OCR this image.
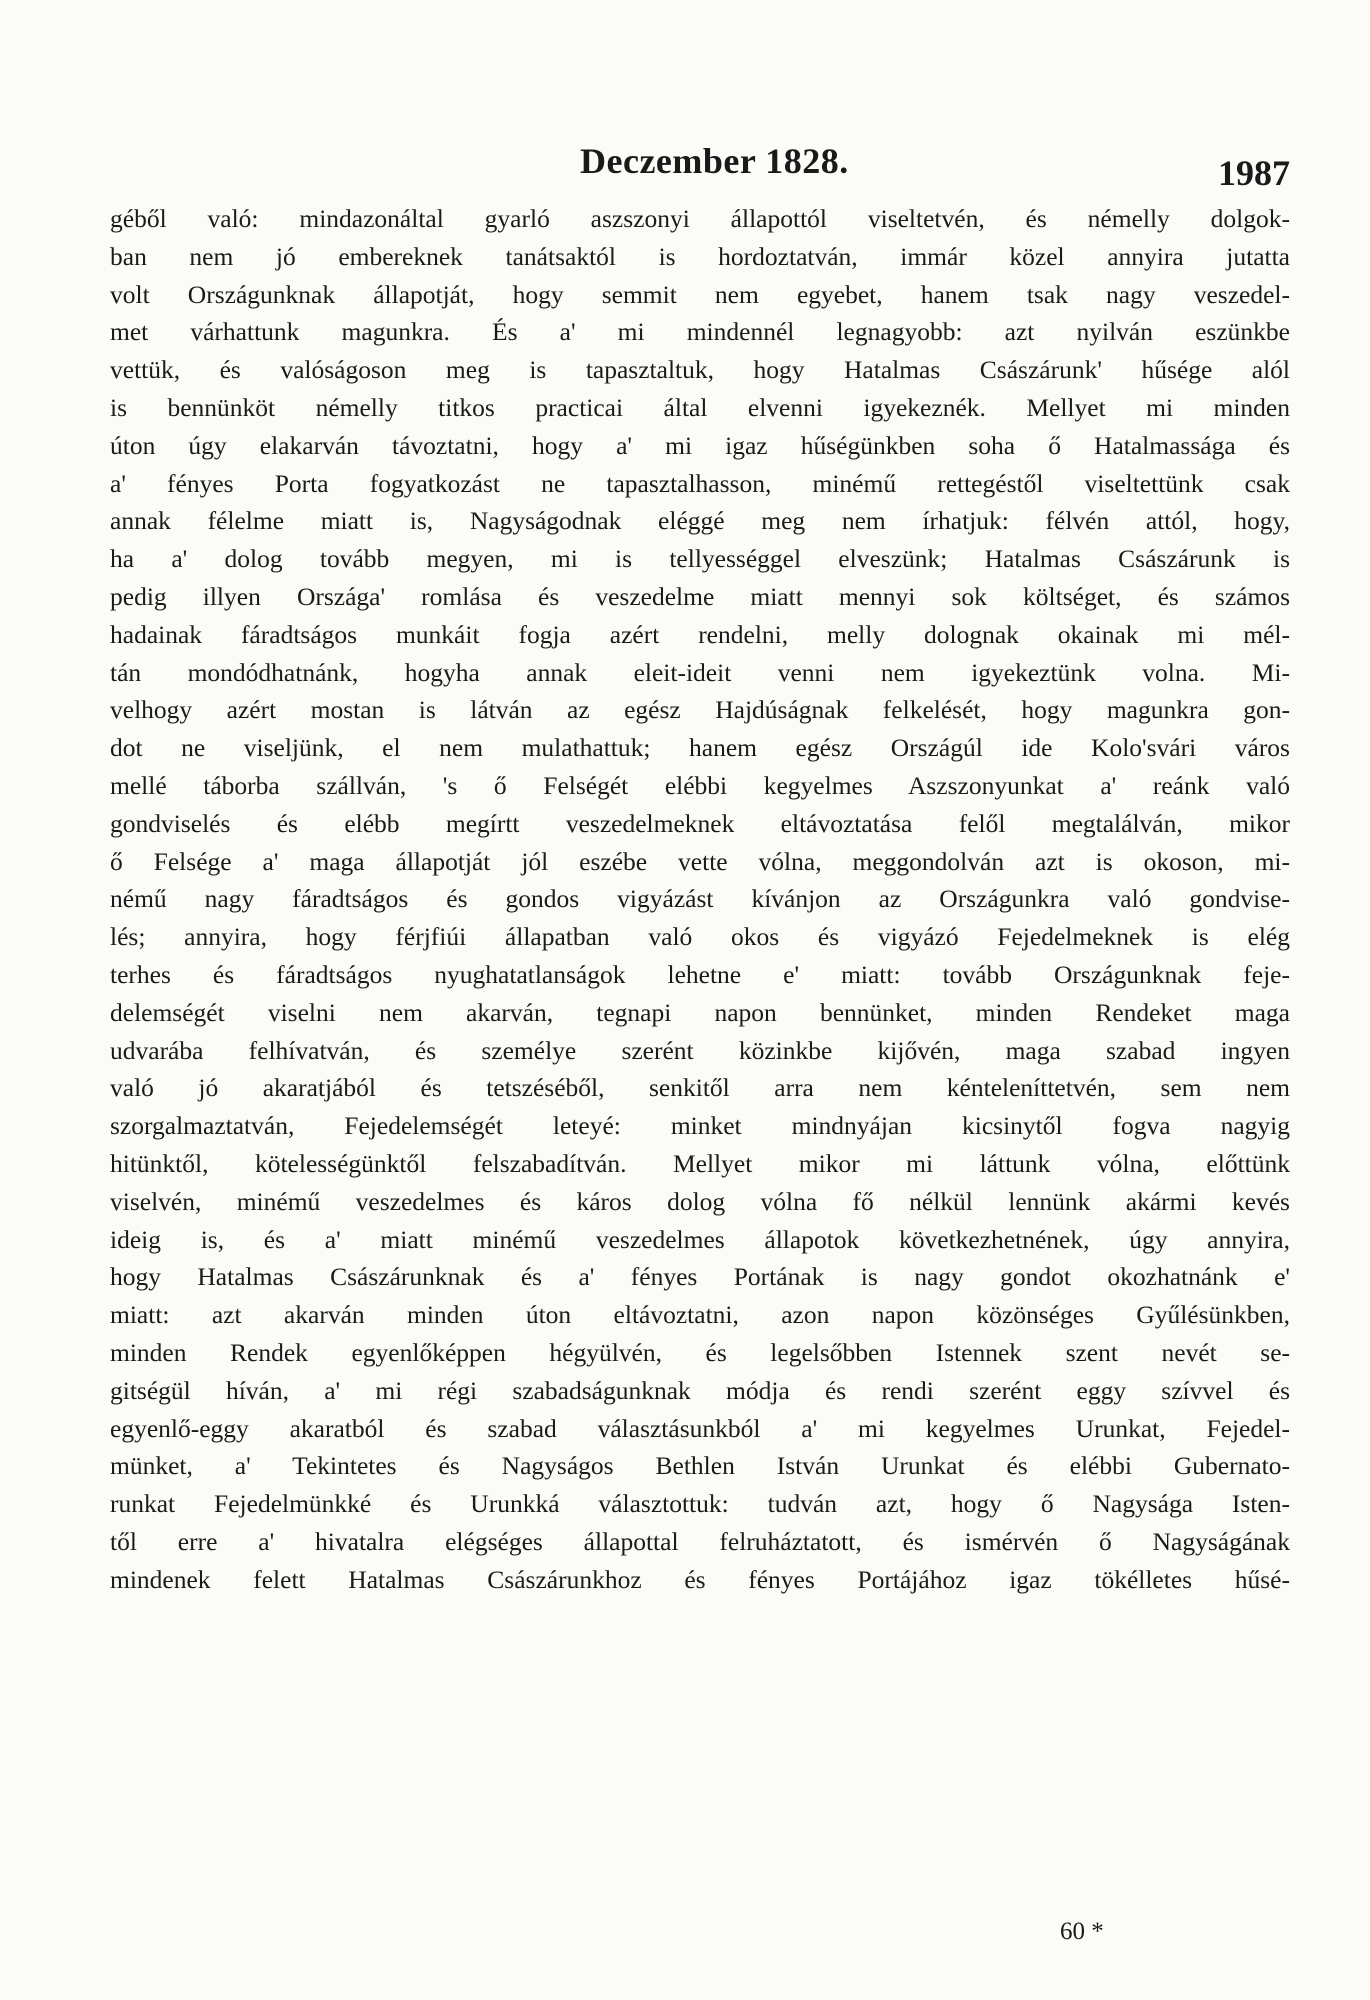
Deczember 1828.	1987
géből való: mindazonáltal gyarló aszszonyi állapottól viseltetvén, és némelly dolgok-
ban nem jó embereknek tanátsaktól is hordoztatván, immár közel annyira jutatta
volt Országunknak állapotját, hogy semmit nem egyebet, hanem tsak nagy veszedel-
met várhattunk magunkra. És a' mi mindennél legnagyobb: azt nyilván eszünkbe
vettük, és valóságoson meg is tapasztaltuk, hogy Hatalmas Császárunk' hűsége alól
is bennünköt némelly titkos practicai által elvenni igyekeznék. Mellyet mi minden
úton úgy elakarván távoztatni, hogy a' mi igaz hűségünkben soha ő Hatalmassága és
a' fényes Porta fogyatkozást ne tapasztalhasson, minémű rettegéstől viseltettünk csak
annak félelme miatt is, Nagyságodnak eléggé meg nem írhatjuk: félvén attól, hogy,
ha a' dolog tovább megyen, mi is tellyességgel elveszünk; Hatalmas Császárunk is
pedig illyen Országa' romlása és veszedelme miatt mennyi sok költséget, és számos
hadainak fáradtságos munkáit fogja azért rendelni, melly dolognak okainak mi mél-
tán mondódhatnánk, hogyha annak eleit-ideit venni nem igyekeztünk volna. Mi-
velhogy azért mostan is látván az egész Hajdúságnak felkelését, hogy magunkra gon-
dot ne viseljünk, el nem mulathattuk; hanem egész Országúl ide Kolo'svári város
mellé táborba szállván, 's ő Felségét elébbi kegyelmes Aszszonyunkat a' reánk való
gondviselés és elébb megírtt veszedelmeknek eltávoztatása felől megtalálván, mikor
ő Felsége a' maga állapotját jól eszébe vette vólna, meggondolván azt is okoson, mi-
némű nagy fáradtságos és gondos vigyázást kívánjon az Országunkra való gondvise-
lés; annyira, hogy férjfiúi állapatban való okos és vigyázó Fejedelmeknek is elég
terhes és fáradtságos nyughatatlanságok lehetne e' miatt: tovább Országunknak feje-
delemségét viselni nem akarván, tegnapi napon bennünket, minden Rendeket maga
udvarába felhívatván, és személye szerént közinkbe kijővén, maga szabad ingyen
való jó akaratjából és tetszéséből, senkitől arra nem kénteleníttetvén, sem nem
szorgalmaztatván, Fejedelemségét leteyé: minket mindnyájan kicsinytől fogva nagyig
hitünktől, kötelességünktől felszabadítván. Mellyet mikor mi láttunk vólna, előttünk
viselvén, minémű veszedelmes és káros dolog vólna fő nélkül lennünk akármi kevés
ideig is, és a' miatt minémű veszedelmes állapotok következhetnének, úgy annyira,
hogy Hatalmas Császárunknak és a' fényes Portának is nagy gondot okozhatnánk e'
miatt: azt akarván minden úton eltávoztatni, azon napon közönséges Gyűlésünkben,
minden Rendek egyenlőképpen hégyülvén, és legelsőbben Istennek szent nevét se-
gitségül híván, a' mi régi szabadságunknak módja és rendi szerént eggy szívvel és
egyenlő-eggy akaratból és szabad választásunkból a' mi kegyelmes Urunkat, Fejedel-
münket, a' Tekintetes és Nagyságos Bethlen István Urunkat és elébbi Gubernato-
runkat Fejedelmünkké és Urunkká választottuk: tudván azt, hogy ő Nagysága Isten-
től erre a' hivatalra elégséges állapottal felruháztatott, és ismérvén ő Nagyságának
mindenek felett Hatalmas Császárunkhoz és fényes Portájához igaz tökélletes hűsé-
60 *
